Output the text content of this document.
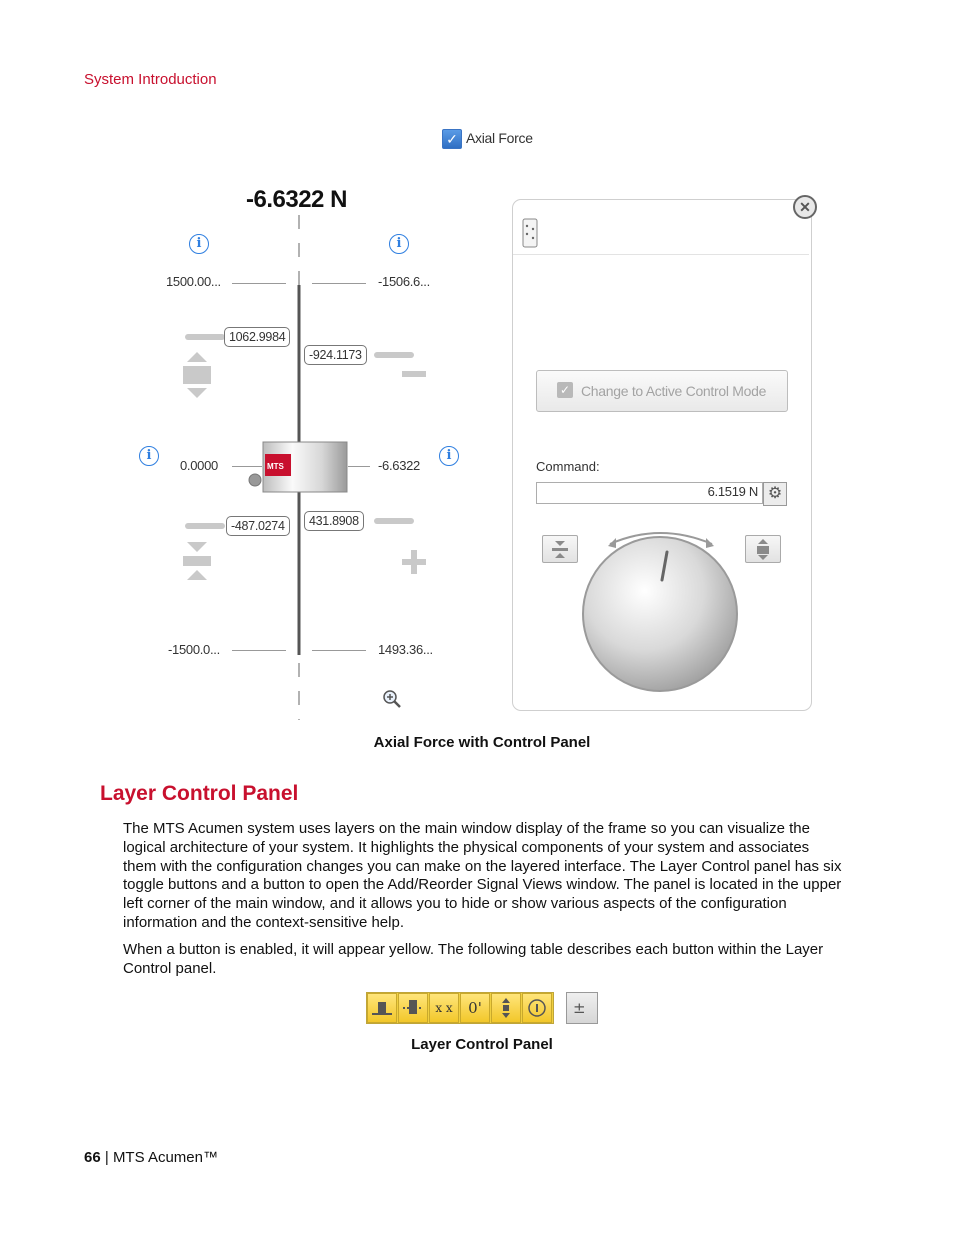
System Introduction
✓ Axial Force
-6.6322 N
i	i
i	i
1500.00...
1062.9984
0.0000
-487.0274
-1500.0...
-1506.6...
-924.1173
-6.6322
431.8908
1493.36...
MTS
✕
✓ Change to Active Control Mode
Command:
6.1519 N ⚙
Axial Force with Control Panel
Layer Control Panel
The MTS Acumen system uses layers on the main window display of the frame so you can visualize the logical architecture of your system. It highlights the physical components of your system and associates them with the configuration changes you can make on the layered interface. The Layer Control panel has six toggle buttons and a button to open the Add/Reorder Signal Views window. The panel is located in the upper left corner of the main window, and it allows you to hide or show various aspects of the configuration information and the context-sensitive help.
When a button is enabled, it will appear yellow. The following table describes each button within the Layer Control panel.
x x	0'	±
Layer Control Panel
66 | MTS Acumen™
